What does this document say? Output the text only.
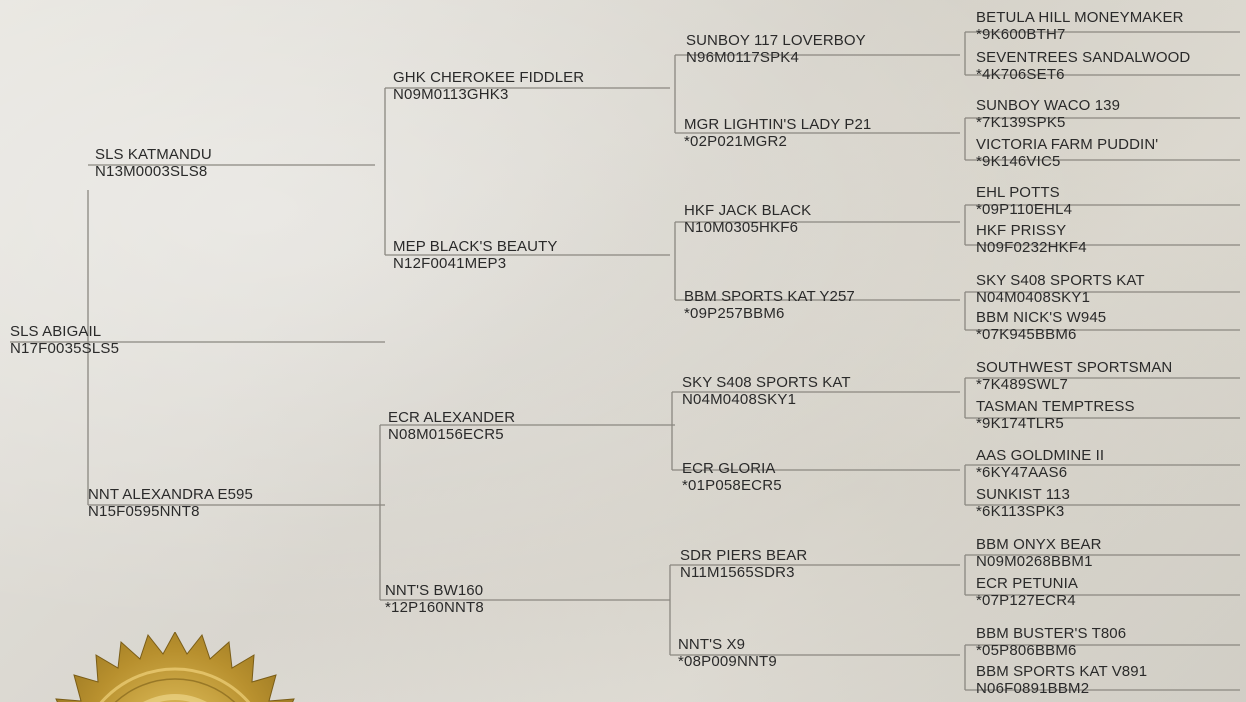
SLS ABIGAIL
N17F0035SLS5
SLS KATMANDU
N13M0003SLS8
NNT ALEXANDRA E595
N15F0595NNT8
GHK CHEROKEE FIDDLER
N09M0113GHK3
MEP BLACK'S BEAUTY
N12F0041MEP3
ECR ALEXANDER
N08M0156ECR5
NNT'S BW160
*12P160NNT8
SUNBOY 117 LOVERBOY
N96M0117SPK4
MGR LIGHTIN'S LADY P21
*02P021MGR2
HKF JACK BLACK
N10M0305HKF6
BBM SPORTS KAT Y257
*09P257BBM6
SKY S408 SPORTS KAT
N04M0408SKY1
ECR GLORIA
*01P058ECR5
SDR PIERS BEAR
N11M1565SDR3
NNT'S X9
*08P009NNT9
BETULA HILL MONEYMAKER
*9K600BTH7
SEVENTREES SANDALWOOD
*4K706SET6
SUNBOY WACO 139
*7K139SPK5
VICTORIA FARM PUDDIN'
*9K146VIC5
EHL POTTS
*09P110EHL4
HKF PRISSY
N09F0232HKF4
SKY S408 SPORTS KAT
N04M0408SKY1
BBM NICK'S W945
*07K945BBM6
SOUTHWEST SPORTSMAN
*7K489SWL7
TASMAN TEMPTRESS
*9K174TLR5
AAS GOLDMINE II
*6KY47AAS6
SUNKIST 113
*6K113SPK3
BBM ONYX BEAR
N09M0268BBM1
ECR PETUNIA
*07P127ECR4
BBM BUSTER'S T806
*05P806BBM6
BBM SPORTS KAT V891
N06F0891BBM2
